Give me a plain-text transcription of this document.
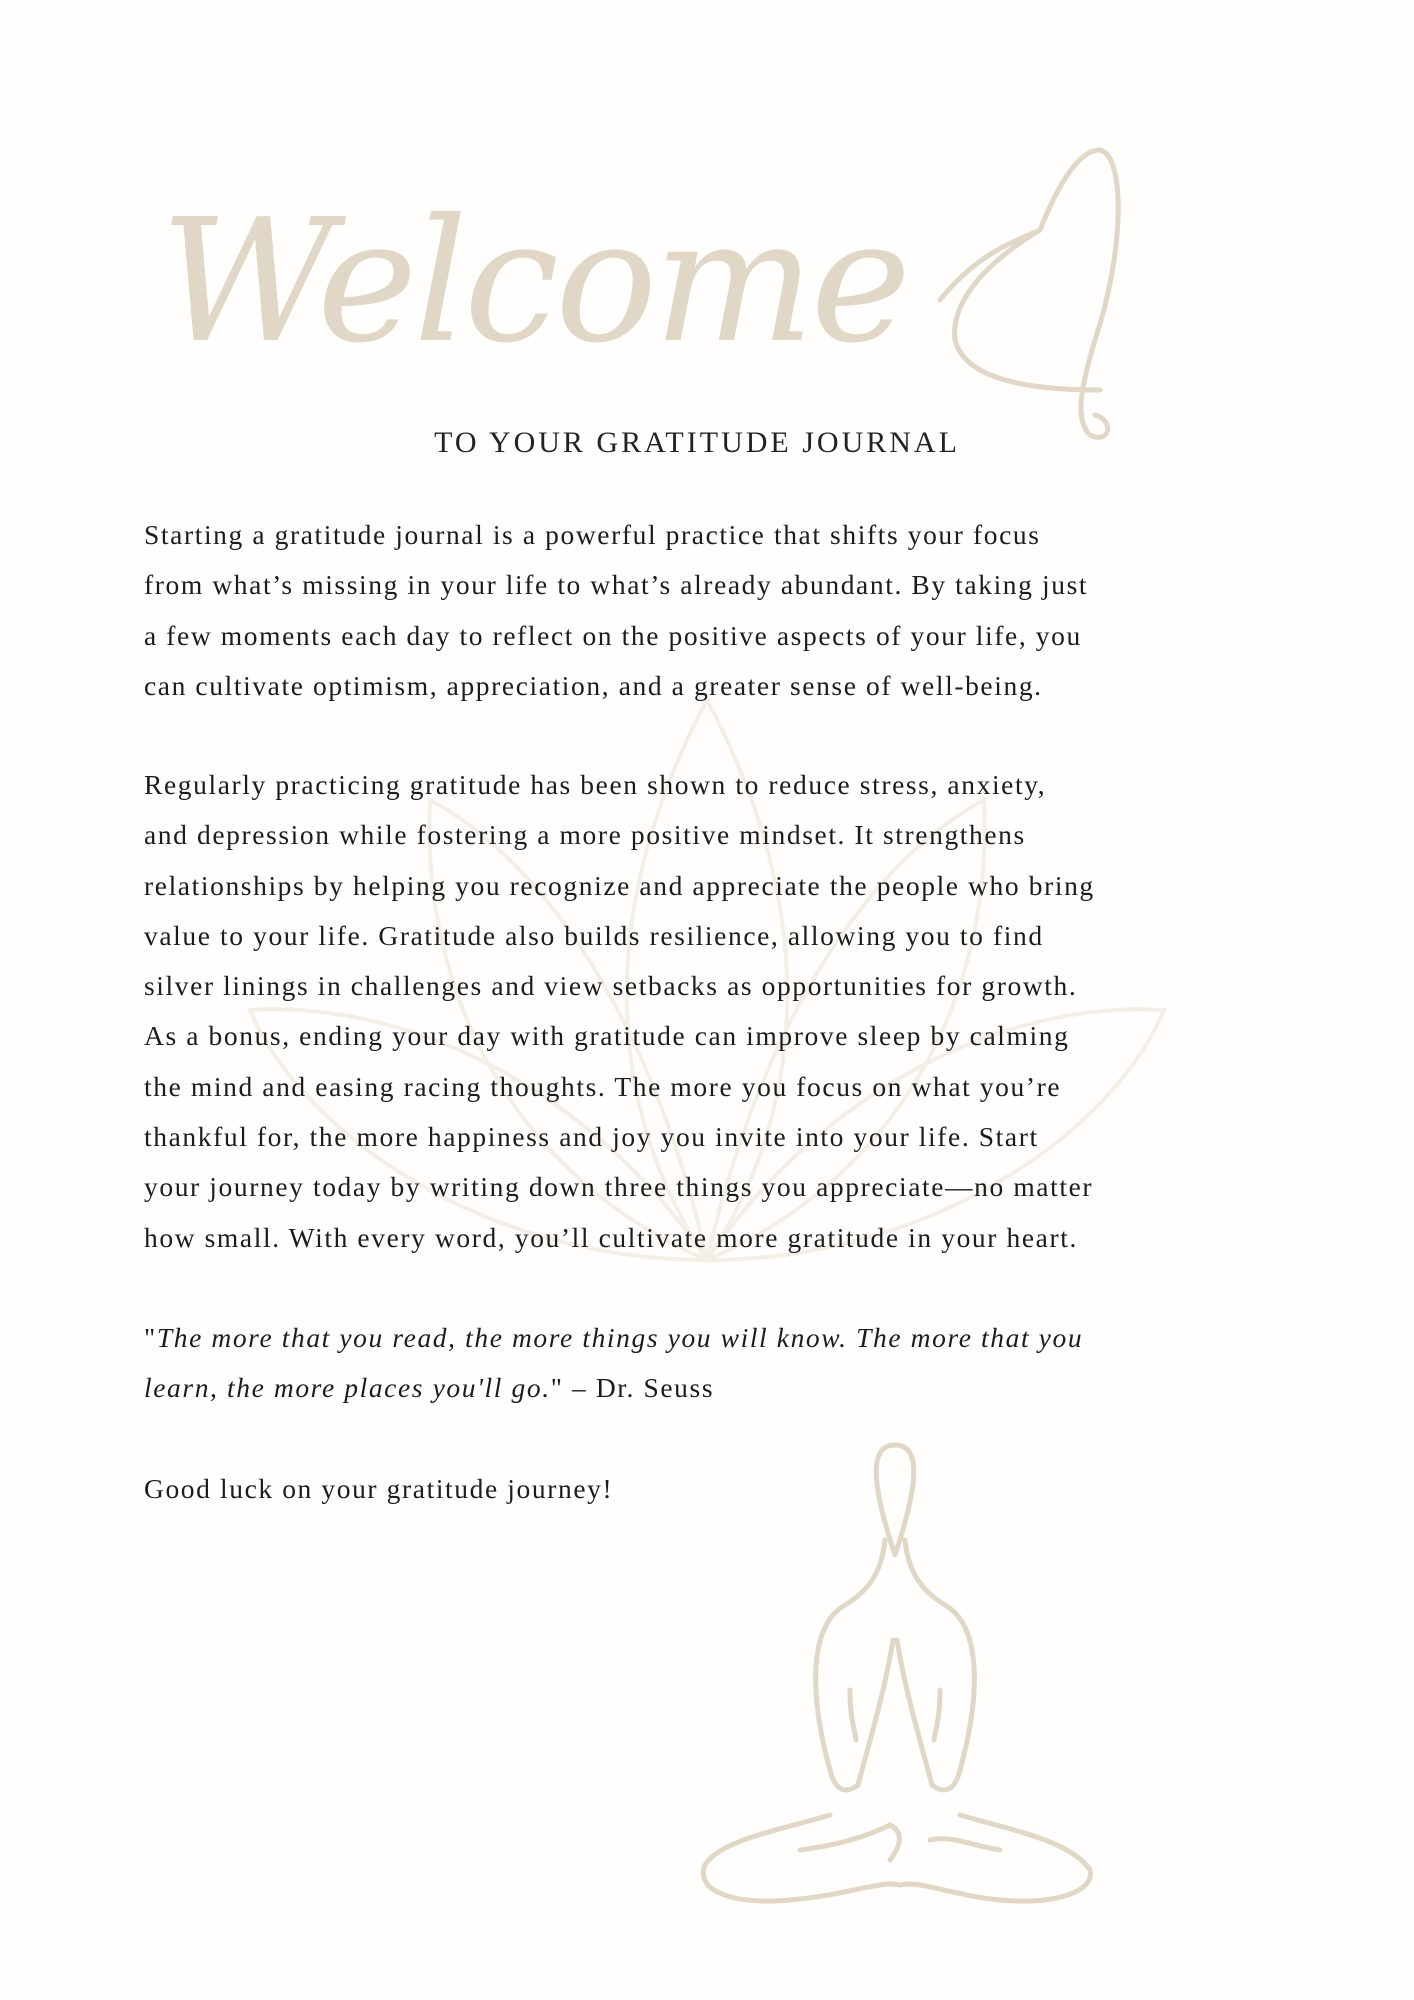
Welcome
TO YOUR GRATITUDE JOURNAL
Starting a gratitude journal is a powerful practice that shifts your focus
from what’s missing in your life to what’s already abundant. By taking just
a few moments each day to reflect on the positive aspects of your life, you
can cultivate optimism, appreciation, and a greater sense of well-being.
Regularly practicing gratitude has been shown to reduce stress, anxiety,
and depression while fostering a more positive mindset. It strengthens
relationships by helping you recognize and appreciate the people who bring
value to your life. Gratitude also builds resilience, allowing you to find
silver linings in challenges and view setbacks as opportunities for growth.
As a bonus, ending your day with gratitude can improve sleep by calming
the mind and easing racing thoughts. The more you focus on what you’re
thankful for, the more happiness and joy you invite into your life. Start
your journey today by writing down three things you appreciate—no matter
how small. With every word, you’ll cultivate more gratitude in your heart.
"The more that you read, the more things you will know. The more that you
learn, the more places you'll go." – Dr. Seuss
Good luck on your gratitude journey!
